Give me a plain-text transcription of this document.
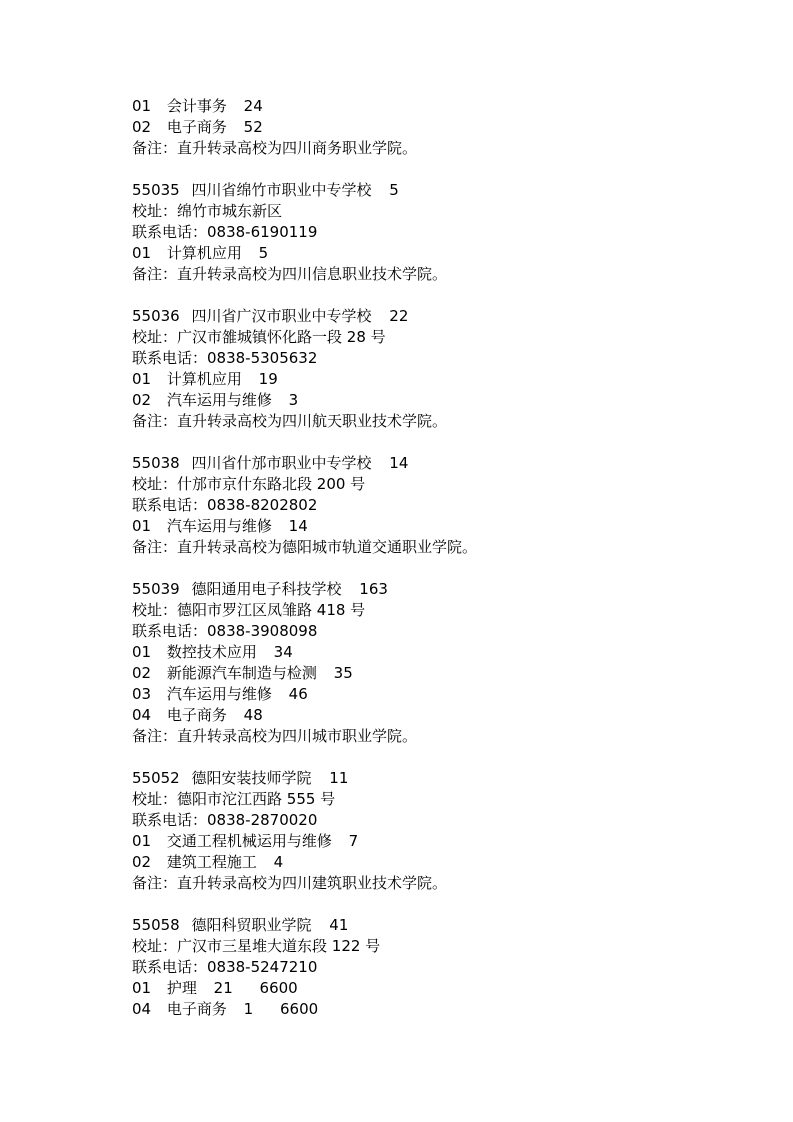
01 会计事务 24
02 电子商务 52
备注：直升转录高校为四川商务职业学院。
55035 四川省绵竹市职业中专学校 5
校址：绵竹市城东新区
联系电话：0838-6190119
01 计算机应用 5
备注：直升转录高校为四川信息职业技术学院。
55036 四川省广汉市职业中专学校 22
校址：广汉市雒城镇怀化路一段 28 号
联系电话：0838-5305632
01 计算机应用 19
02 汽车运用与维修 3
备注：直升转录高校为四川航天职业技术学院。
55038 四川省什邡市职业中专学校 14
校址：什邡市京什东路北段 200 号
联系电话：0838-8202802
01 汽车运用与维修 14
备注：直升转录高校为德阳城市轨道交通职业学院。
55039 德阳通用电子科技学校 163
校址：德阳市罗江区凤雏路 418 号
联系电话：0838-3908098
01 数控技术应用 34
02 新能源汽车制造与检测 35
03 汽车运用与维修 46
04 电子商务 48
备注：直升转录高校为四川城市职业学院。
55052 德阳安装技师学院 11
校址：德阳市沱江西路 555 号
联系电话：0838-2870020
01 交通工程机械运用与维修 7
02 建筑工程施工 4
备注：直升转录高校为四川建筑职业技术学院。
55058 德阳科贸职业学院 41
校址：广汉市三星堆大道东段 122 号
联系电话：0838-5247210
01 护理 21 6600
04 电子商务 1 6600
